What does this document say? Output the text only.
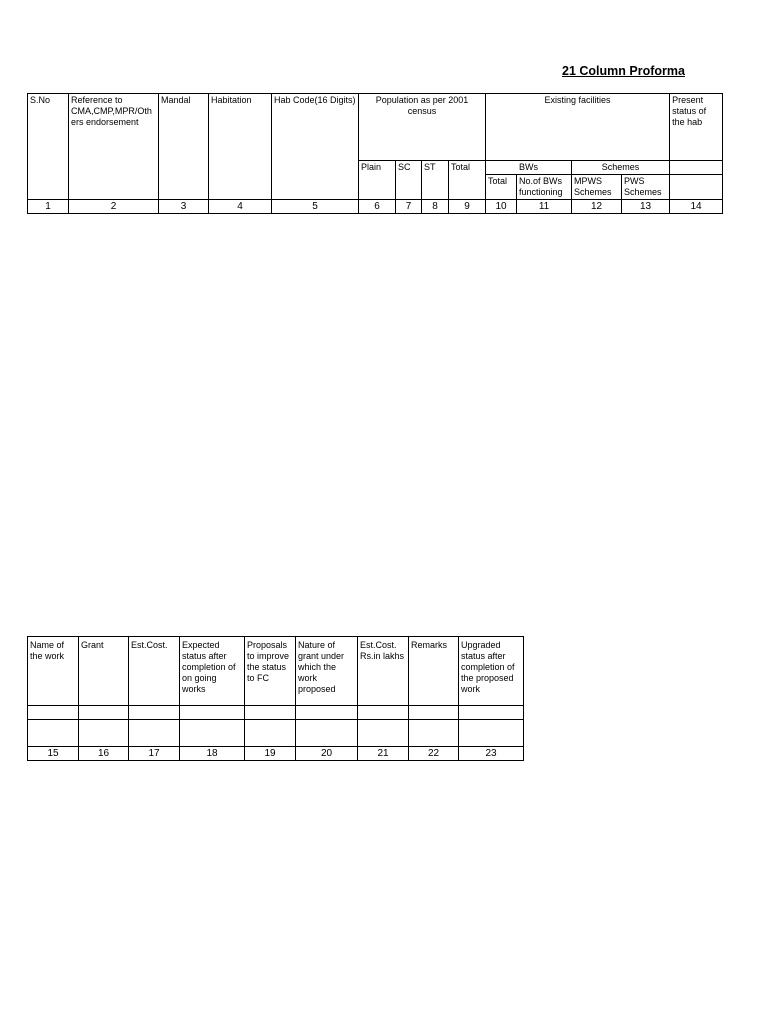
21 Column Proforma
S.No	Reference to CMA,CMP,MPR/Others endorsement	Mandal	Habitation	Hab Code(16 Digits)	Population as per 2001 census				Existing facilities				Present status of the hab
					Plain	SC	ST	Total	BWs		Schemes		
									Total	No.of BWs functioning	MPWS Schemes	PWS Schemes	
1	2	3	4	5	6	7	8	9	10	11	12	13	14
Name of the work	Grant	Est.Cost.	Expected status after completion of on going works	Proposals to improve the status to FC	Nature of grant under which the work proposed	Est.Cost. Rs.in lakhs	Remarks	Upgraded status after completion of the proposed work

15	16	17	18	19	20	21	22	23
